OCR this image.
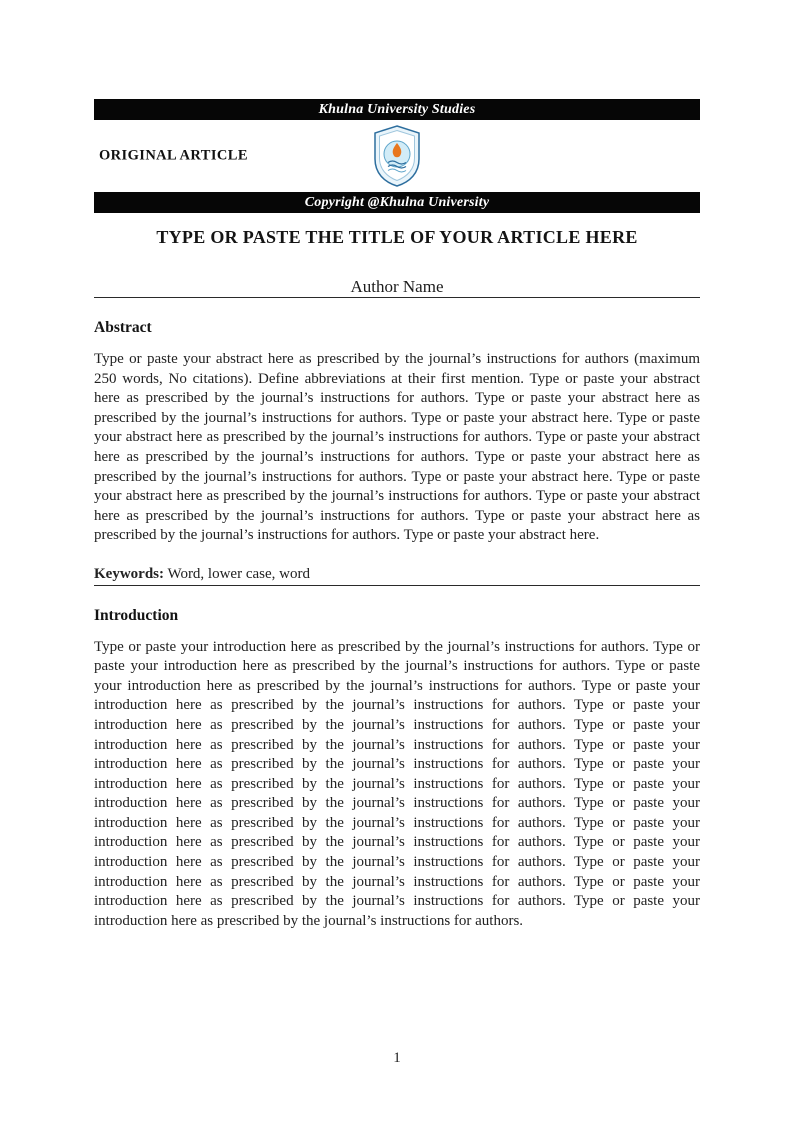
Khulna University Studies
ORIGINAL ARTICLE
Copyright @Khulna University
TYPE OR PASTE THE TITLE OF YOUR ARTICLE HERE
Author Name
Abstract

Type or paste your abstract here as prescribed by the journal’s instructions for authors (maximum 250 words, No citations). Define abbreviations at their first mention. Type or paste your abstract here as prescribed by the journal’s instructions for authors. Type or paste your abstract here as prescribed by the journal’s instructions for authors. Type or paste your abstract here. Type or paste your abstract here as prescribed by the journal’s instructions for authors. Type or paste your abstract here as prescribed by the journal’s instructions for authors. Type or paste your abstract here as prescribed by the journal’s instructions for authors. Type or paste your abstract here. Type or paste your abstract here as prescribed by the journal’s instructions for authors. Type or paste your abstract here as prescribed by the journal’s instructions for authors. Type or paste your abstract here as prescribed by the journal’s instructions for authors. Type or paste your abstract here.

Keywords: Word, lower case, word

Introduction

Type or paste your introduction here as prescribed by the journal’s instructions for authors. Type or paste your introduction here as prescribed by the journal’s instructions for authors. Type or paste your introduction here as prescribed by the journal’s instructions for authors. Type or paste your introduction here as prescribed by the journal’s instructions for authors. Type or paste your introduction here as prescribed by the journal’s instructions for authors. Type or paste your introduction here as prescribed by the journal’s instructions for authors. Type or paste your introduction here as prescribed by the journal’s instructions for authors. Type or paste your introduction here as prescribed by the journal’s instructions for authors. Type or paste your introduction here as prescribed by the journal’s instructions for authors. Type or paste your introduction here as prescribed by the journal’s instructions for authors. Type or paste your introduction here as prescribed by the journal’s instructions for authors. Type or paste your introduction here as prescribed by the journal’s instructions for authors. Type or paste your introduction here as prescribed by the journal’s instructions for authors. Type or paste your introduction here as prescribed by the journal’s instructions for authors. Type or paste your introduction here as prescribed by the journal’s instructions for authors.

1
